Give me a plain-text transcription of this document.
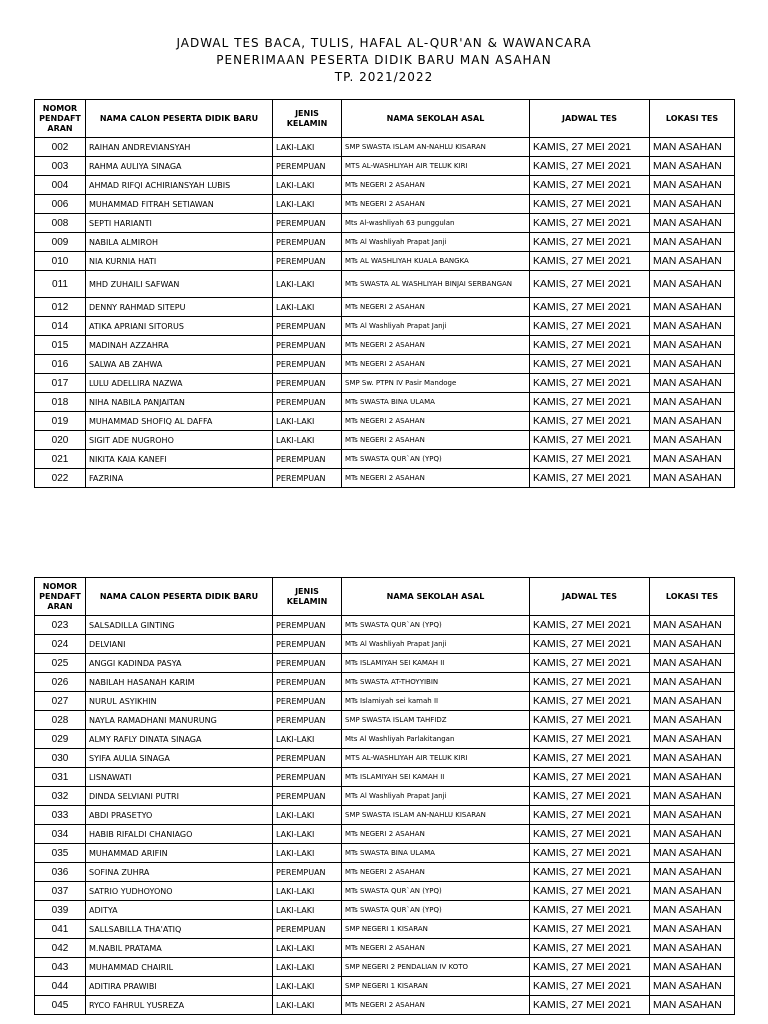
JADWAL TES BACA, TULIS, HAFAL AL-QUR'AN & WAWANCARA
PENERIMAAN PESERTA DIDIK BARU MAN ASAHAN
TP. 2021/2022
NOMOR PENDAFT ARAN	NAMA CALON PESERTA DIDIK BARU	JENIS KELAMIN	NAMA SEKOLAH ASAL	JADWAL TES	LOKASI TES
002	RAIHAN ANDREVIANSYAH	LAKI-LAKI	SMP SWASTA ISLAM AN-NAHLU KISARAN	KAMIS, 27 MEI 2021	MAN ASAHAN
003	RAHMA AULIYA SINAGA	PEREMPUAN	MTS AL-WASHLIYAH AIR TELUK KIRI	KAMIS, 27 MEI 2021	MAN ASAHAN
004	AHMAD RIFQI ACHIRIANSYAH LUBIS	LAKI-LAKI	MTs NEGERI 2 ASAHAN	KAMIS, 27 MEI 2021	MAN ASAHAN
006	MUHAMMAD FITRAH SETIAWAN	LAKI-LAKI	MTs NEGERI 2 ASAHAN	KAMIS, 27 MEI 2021	MAN ASAHAN
008	SEPTI HARIANTI	PEREMPUAN	Mts Al-washliyah 63 punggulan	KAMIS, 27 MEI 2021	MAN ASAHAN
009	NABILA ALMIROH	PEREMPUAN	MTs Al Washliyah Prapat Janji	KAMIS, 27 MEI 2021	MAN ASAHAN
010	NIA KURNIA HATI	PEREMPUAN	MTs AL WASHLIYAH KUALA BANGKA	KAMIS, 27 MEI 2021	MAN ASAHAN
011	MHD ZUHAILI SAFWAN	LAKI-LAKI	MTs SWASTA AL WASHLIYAH BINJAI SERBANGAN	KAMIS, 27 MEI 2021	MAN ASAHAN
012	DENNY RAHMAD SITEPU	LAKI-LAKI	MTs NEGERI 2 ASAHAN	KAMIS, 27 MEI 2021	MAN ASAHAN
014	ATIKA APRIANI SITORUS	PEREMPUAN	MTs Al Washliyah Prapat Janji	KAMIS, 27 MEI 2021	MAN ASAHAN
015	MADINAH AZZAHRA	PEREMPUAN	MTs NEGERI 2 ASAHAN	KAMIS, 27 MEI 2021	MAN ASAHAN
016	SALWA AB ZAHWA	PEREMPUAN	MTs NEGERI 2 ASAHAN	KAMIS, 27 MEI 2021	MAN ASAHAN
017	LULU ADELLIRA NAZWA	PEREMPUAN	SMP Sw. PTPN IV Pasir Mandoge	KAMIS, 27 MEI 2021	MAN ASAHAN
018	NIHA NABILA PANJAITAN	PEREMPUAN	MTs SWASTA BINA ULAMA	KAMIS, 27 MEI 2021	MAN ASAHAN
019	MUHAMMAD SHOFIQ AL DAFFA	LAKI-LAKI	MTs NEGERI 2 ASAHAN	KAMIS, 27 MEI 2021	MAN ASAHAN
020	SIGIT ADE NUGROHO	LAKI-LAKI	MTs NEGERI 2 ASAHAN	KAMIS, 27 MEI 2021	MAN ASAHAN
021	NIKITA KAIA KANEFI	PEREMPUAN	MTs SWASTA QUR`AN (YPQ)	KAMIS, 27 MEI 2021	MAN ASAHAN
022	FAZRINA	PEREMPUAN	MTs NEGERI 2 ASAHAN	KAMIS, 27 MEI 2021	MAN ASAHAN
NOMOR PENDAFT ARAN	NAMA CALON PESERTA DIDIK BARU	JENIS KELAMIN	NAMA SEKOLAH ASAL	JADWAL TES	LOKASI TES
023	SALSADILLA GINTING	PEREMPUAN	MTs SWASTA QUR`AN (YPQ)	KAMIS, 27 MEI 2021	MAN ASAHAN
024	DELVIANI	PEREMPUAN	MTs Al Washliyah Prapat Janji	KAMIS, 27 MEI 2021	MAN ASAHAN
025	ANGGI KADINDA PASYA	PEREMPUAN	MTs ISLAMIYAH SEI KAMAH II	KAMIS, 27 MEI 2021	MAN ASAHAN
026	NABILAH HASANAH KARIM	PEREMPUAN	MTs SWASTA AT-THOYYIBIN	KAMIS, 27 MEI 2021	MAN ASAHAN
027	NURUL ASYIKHIN	PEREMPUAN	MTs Islamiyah sei kamah II	KAMIS, 27 MEI 2021	MAN ASAHAN
028	NAYLA RAMADHANI MANURUNG	PEREMPUAN	SMP SWASTA ISLAM TAHFIDZ	KAMIS, 27 MEI 2021	MAN ASAHAN
029	ALMY RAFLY DINATA SINAGA	LAKI-LAKI	Mts Al Washliyah Parlakitangan	KAMIS, 27 MEI 2021	MAN ASAHAN
030	SYIFA AULIA SINAGA	PEREMPUAN	MTS AL-WASHLIYAH AIR TELUK KIRI	KAMIS, 27 MEI 2021	MAN ASAHAN
031	LISNAWATI	PEREMPUAN	MTs ISLAMIYAH SEI KAMAH II	KAMIS, 27 MEI 2021	MAN ASAHAN
032	DINDA SELVIANI PUTRI	PEREMPUAN	MTs Al Washliyah Prapat Janji	KAMIS, 27 MEI 2021	MAN ASAHAN
033	ABDI PRASETYO	LAKI-LAKI	SMP SWASTA ISLAM AN-NAHLU KISARAN	KAMIS, 27 MEI 2021	MAN ASAHAN
034	HABIB RIFALDI CHANIAGO	LAKI-LAKI	MTs NEGERI 2 ASAHAN	KAMIS, 27 MEI 2021	MAN ASAHAN
035	MUHAMMAD ARIFIN	LAKI-LAKI	MTs SWASTA BINA ULAMA	KAMIS, 27 MEI 2021	MAN ASAHAN
036	SOFINA ZUHRA	PEREMPUAN	MTs NEGERI 2 ASAHAN	KAMIS, 27 MEI 2021	MAN ASAHAN
037	SATRIO YUDHOYONO	LAKI-LAKI	MTs SWASTA QUR`AN (YPQ)	KAMIS, 27 MEI 2021	MAN ASAHAN
039	ADITYA	LAKI-LAKI	MTs SWASTA QUR`AN (YPQ)	KAMIS, 27 MEI 2021	MAN ASAHAN
041	SALLSABILLA THA'ATIQ	PEREMPUAN	SMP NEGERI 1 KISARAN	KAMIS, 27 MEI 2021	MAN ASAHAN
042	M.NABIL PRATAMA	LAKI-LAKI	MTs NEGERI 2 ASAHAN	KAMIS, 27 MEI 2021	MAN ASAHAN
043	MUHAMMAD CHAIRIL	LAKI-LAKI	SMP NEGERI 2 PENDALIAN IV KOTO	KAMIS, 27 MEI 2021	MAN ASAHAN
044	ADITIRA PRAWIBI	LAKI-LAKI	SMP NEGERI 1 KISARAN	KAMIS, 27 MEI 2021	MAN ASAHAN
045	RYCO FAHRUL YUSREZA	LAKI-LAKI	MTs NEGERI 2 ASAHAN	KAMIS, 27 MEI 2021	MAN ASAHAN
